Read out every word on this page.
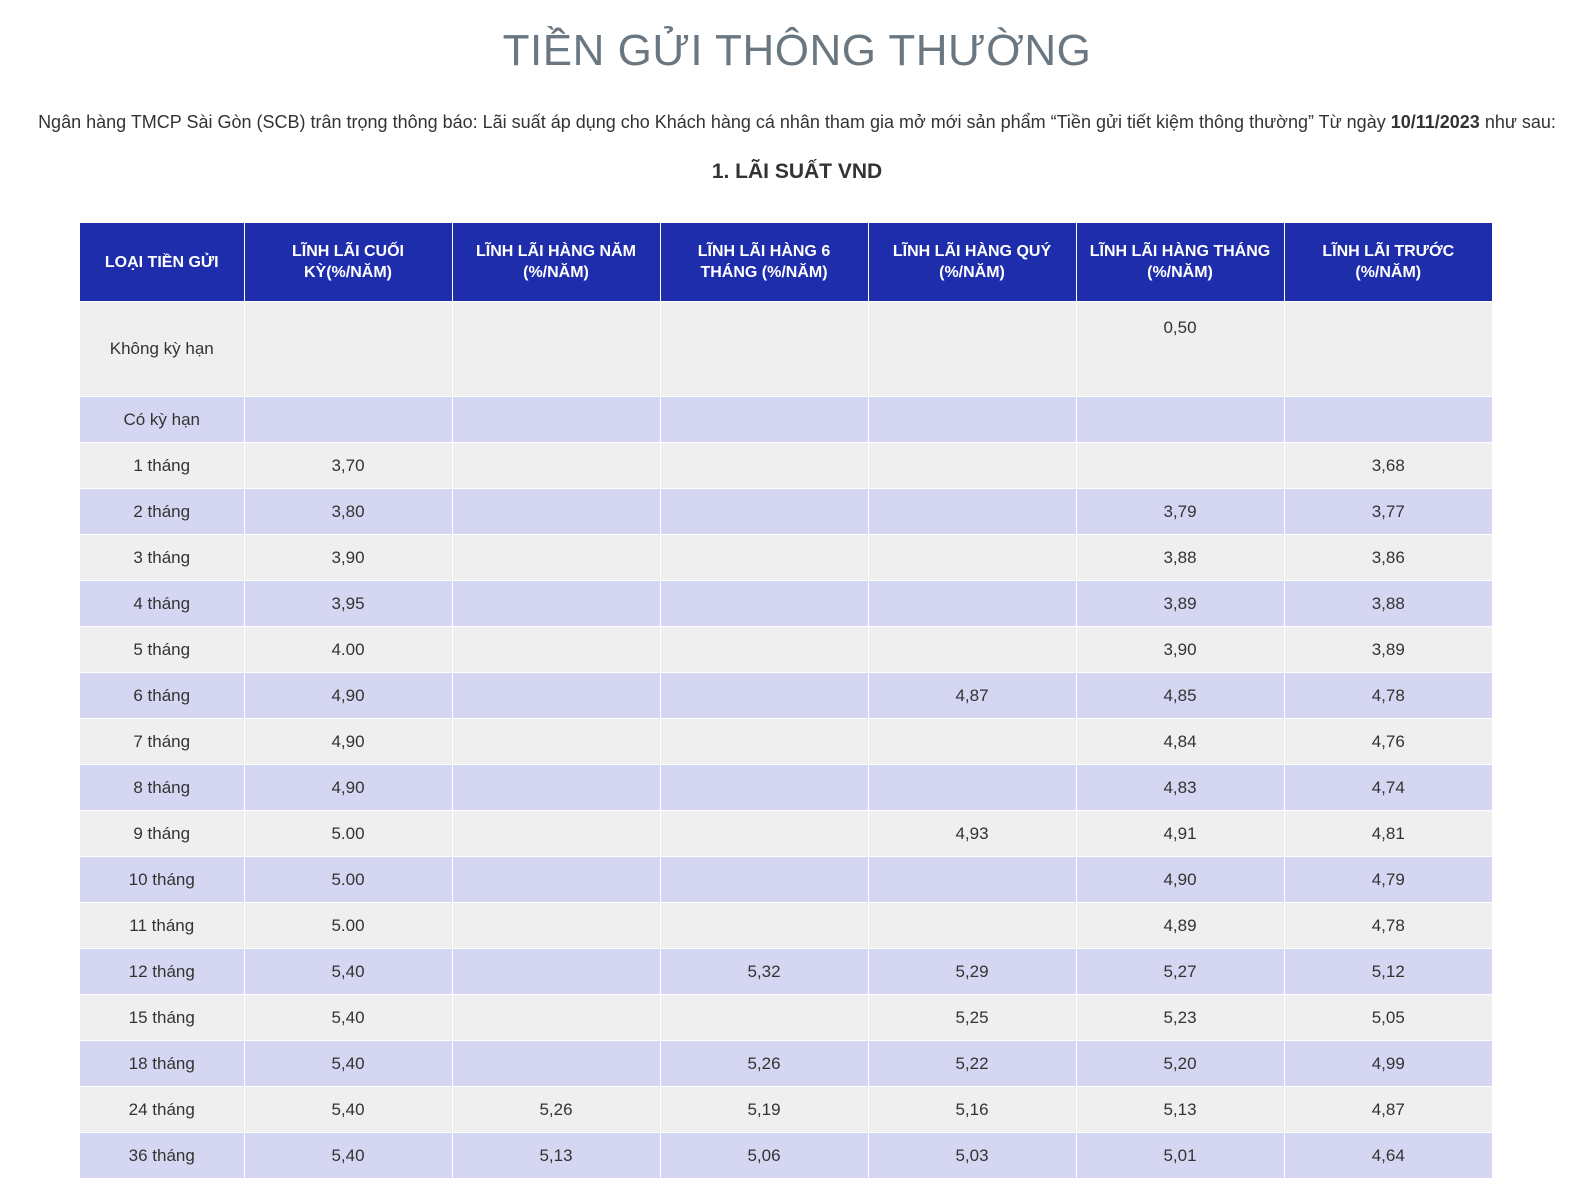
TIỀN GỬI THÔNG THƯỜNG
Ngân hàng TMCP Sài Gòn (SCB) trân trọng thông báo: Lãi suất áp dụng cho Khách hàng cá nhân tham gia mở mới sản phẩm “Tiền gửi tiết kiệm thông thường” Từ ngày 10/11/2023 như sau:
1. LÃI SUẤT VND
LOẠI TIỀN GỬI	LĨNH LÃI CUỐI KỲ(%/NĂM)	LĨNH LÃI HÀNG NĂM (%/NĂM)	LĨNH LÃI HÀNG 6 THÁNG (%/NĂM)	LĨNH LÃI HÀNG QUÝ (%/NĂM)	LĨNH LÃI HÀNG THÁNG (%/NĂM)	LĨNH LÃI TRƯỚC (%/NĂM)
Không kỳ hạn					0,50	
Có kỳ hạn						
1 tháng	3,70					3,68
2 tháng	3,80				3,79	3,77
3 tháng	3,90				3,88	3,86
4 tháng	3,95				3,89	3,88
5 tháng	4.00				3,90	3,89
6 tháng	4,90			4,87	4,85	4,78
7 tháng	4,90				4,84	4,76
8 tháng	4,90				4,83	4,74
9 tháng	5.00			4,93	4,91	4,81
10 tháng	5.00				4,90	4,79
11 tháng	5.00				4,89	4,78
12 tháng	5,40		5,32	5,29	5,27	5,12
15 tháng	5,40			5,25	5,23	5,05
18 tháng	5,40		5,26	5,22	5,20	4,99
24 tháng	5,40	5,26	5,19	5,16	5,13	4,87
36 tháng	5,40	5,13	5,06	5,03	5,01	4,64
